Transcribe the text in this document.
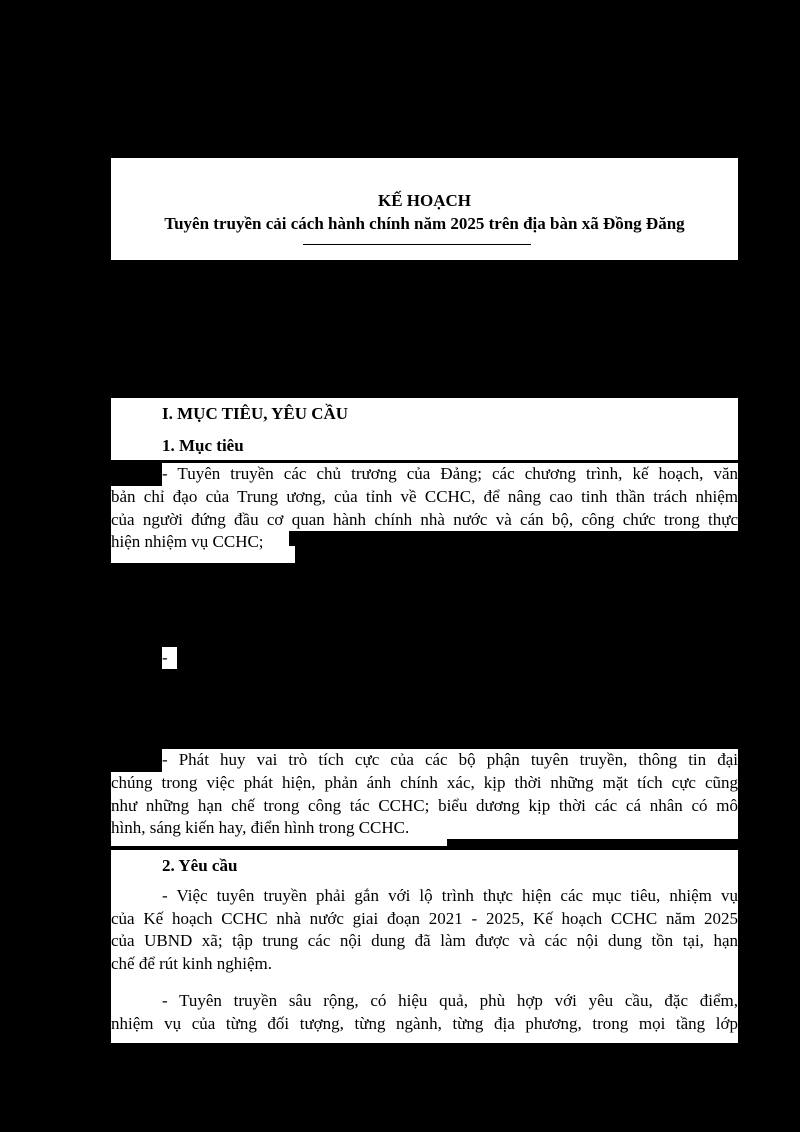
KẾ HOẠCH
Tuyên truyền cải cách hành chính năm 2025 trên địa bàn xã Đồng Đăng
I. MỤC TIÊU, YÊU CẦU
1. Mục tiêu
- Tuyên truyền các chủ trương của Đảng; các chương trình, kế hoạch, văn
bản chỉ đạo của Trung ương, của tỉnh về CCHC, để nâng cao tinh thần trách nhiệm
của người đứng đầu cơ quan hành chính nhà nước và cán bộ, công chức trong thực
hiện nhiệm vụ CCHC;
-
- Phát huy vai trò tích cực của các bộ phận tuyên truyền, thông tin đại
chúng trong việc phát hiện, phản ánh chính xác, kịp thời những mặt tích cực cũng
như những hạn chế trong công tác CCHC; biểu dương kịp thời các cá nhân có mô
hình, sáng kiến hay, điển hình trong CCHC.
2. Yêu cầu
- Việc tuyên truyền phải gắn với lộ trình thực hiện các mục tiêu, nhiệm vụ
của Kế hoạch CCHC nhà nước giai đoạn 2021 - 2025, Kế hoạch CCHC năm 2025
của UBND xã; tập trung các nội dung đã làm được và các nội dung tồn tại, hạn
chế để rút kinh nghiệm.
- Tuyên truyền sâu rộng, có hiệu quả, phù hợp với yêu cầu, đặc điểm,
nhiệm vụ của từng đối tượng, từng ngành, từng địa phương, trong mọi tầng lớp
